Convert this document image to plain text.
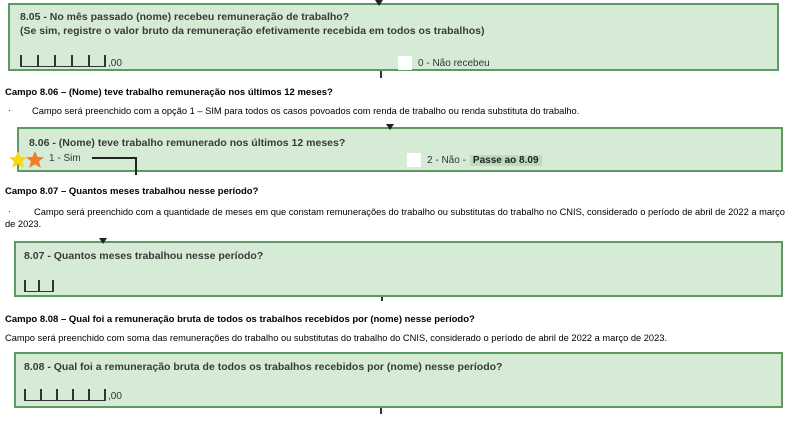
8.05 - No mês passado (nome) recebeu remuneração de trabalho?
(Se sim, registre o valor bruto da remuneração efetivamente recebida em todos os trabalhos)
,00	0 - Não recebeu
Campo 8.06 – (Nome) teve trabalho remuneração nos últimos 12 meses?
· Campo será preenchido com a opção 1 – SIM para todos os casos povoados com renda de trabalho ou renda substituta do trabalho.
8.06 - (Nome) teve trabalho remunerado nos últimos 12 meses?
1 - Sim	2 - Não - Passe ao 8.09
Campo 8.07 – Quantos meses trabalhou nesse período?
·	Campo será preenchido com a quantidade de meses em que constam remunerações do trabalho ou substitutas do trabalho no CNIS, considerado o período de abril de 2022 a março de 2023.
8.07 - Quantos meses trabalhou nesse período?
Campo 8.08 – Qual foi a remuneração bruta de todos os trabalhos recebidos por (nome) nesse período?
Campo será preenchido com soma das remunerações do trabalho ou substitutas do trabalho do CNIS, considerado o período de abril de 2022 a março de 2023.
8.08 - Qual foi a remuneração bruta de todos os trabalhos recebidos por (nome) nesse período?
,00
